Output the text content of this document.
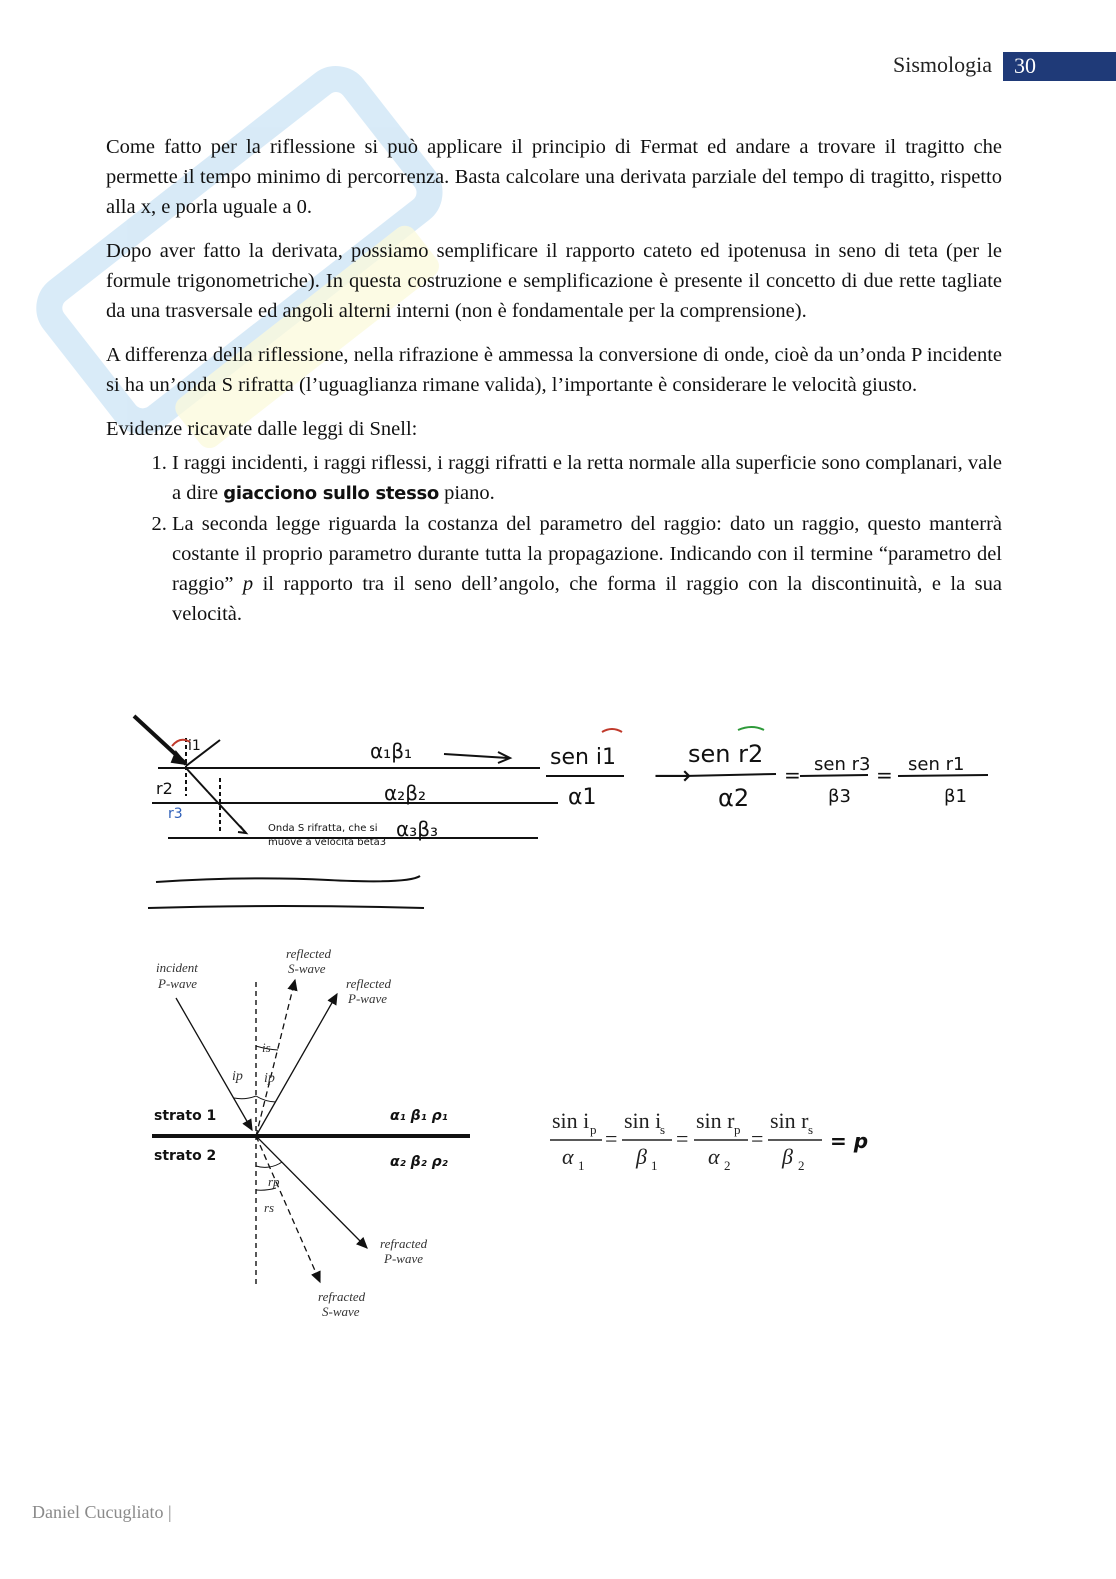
Sismologia 30

Come fatto per la riflessione si può applicare il principio di Fermat ed andare a trovare il tragitto che permette il tempo minimo di percorrenza. Basta calcolare una derivata parziale del tempo di tragitto, rispetto alla x, e porla uguale a 0.

Dopo aver fatto la derivata, possiamo semplificare il rapporto cateto ed ipotenusa in seno di teta (per le formule trigonometriche). In questa costruzione e semplificazione è presente il concetto di due rette tagliate da una trasversale ed angoli alterni interni (non è fondamentale per la comprensione).

A differenza della riflessione, nella rifrazione è ammessa la conversione di onde, cioè da un’onda P incidente si ha un’onda S rifratta (l’uguaglianza rimane valida), l’importante è considerare le velocità giusto.

Evidenze ricavate dalle leggi di Snell:

1. I raggi incidenti, i raggi riflessi, i raggi rifratti e la retta normale alla superficie sono complanari, vale a dire giacciono sullo stesso piano.
2. La seconda legge riguarda la costanza del parametro del raggio: dato un raggio, questo manterrà costante il proprio parametro durante tutta la propagazione. Indicando con il termine “parametro del raggio” p il rapporto tra il seno dell’angolo, che forma il raggio con la discontinuità, e la sua velocità.
α₁β₁
α₂β₂
α₃β₃
i1
r2
r3
Onda S rifratta, che si
muove a velocità beta3
sen i1
α1
⟶
sen r2
α2
= sen r3
β3
= sen r1
β1
incident
P-wave
reflected
S-wave
reflected
P-wave
refracted
P-wave
refracted
S-wave
ip ip
is
rp
rs
strato 1
strato 2
α₁ β₁ ρ₁
α₂ β₂ ρ₂
sin i p
α 1
=
sin i
s
β 1
=
sin r p
α 2
=
sin r s
β 2
= p
Daniel Cucugliato |
